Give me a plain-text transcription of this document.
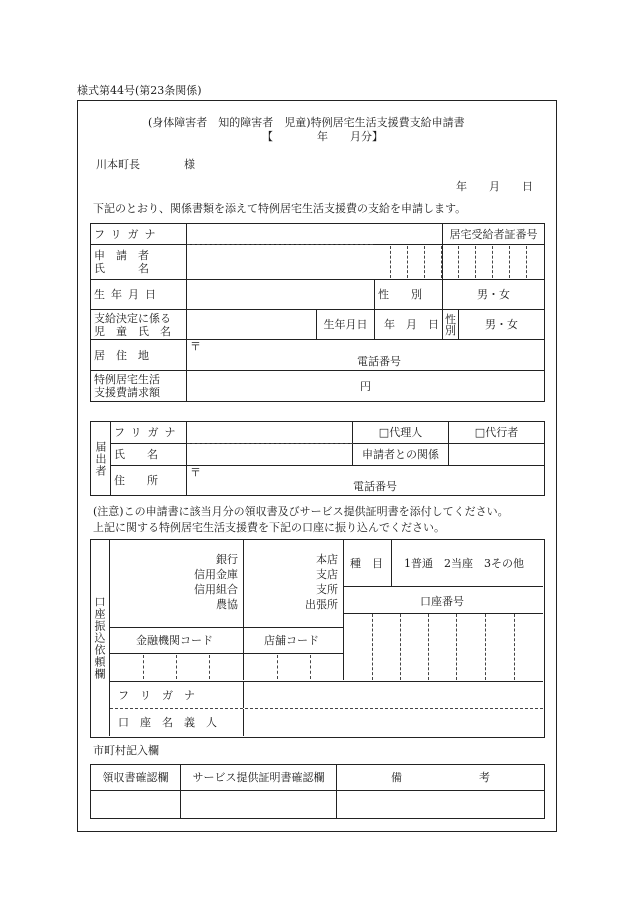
様式第44号(第23条関係)
(身体障害者　知的障害者　児童)特例居宅生活支援費支給申請書
【　　　　年　　月分】
川本町長　　　　様
年　　月　　日
下記のとおり、関係書類を添えて特例居宅生活支援費の支給を申請します。
フリガナ				居宅受給者証番号	

申　請　者
氏　　　名					

生年月日			性　　別	男・女	

支給決定に係る
児　童　氏　名		生年月日	年　月　日	性別	男・女
居　住　地	〒
電話番号				

特例居宅生活
支援費請求額	円				
届出者	フリガナ		□代理人	□代行者
	氏　　名		申請者との関係	
	住　　所	〒
電話番号		
(注意)この申請書に該当月分の領収書及びサービス提供証明書を添付してください。
上記に関する特例居宅生活支援費を下記の口座に振り込んでください。
口座振込依頼欄
銀行
信用金庫
信用組合
農協
本店
支店
支所
出張所
種　目 1普通　2当座　3その他
口座番号
金融機関コード	店舗コード
フ　リ　ガ　ナ
口　座　名　義　人
市町村記入欄
領収書確認欄	サービス提供証明書確認欄	備　　　　　　　考
